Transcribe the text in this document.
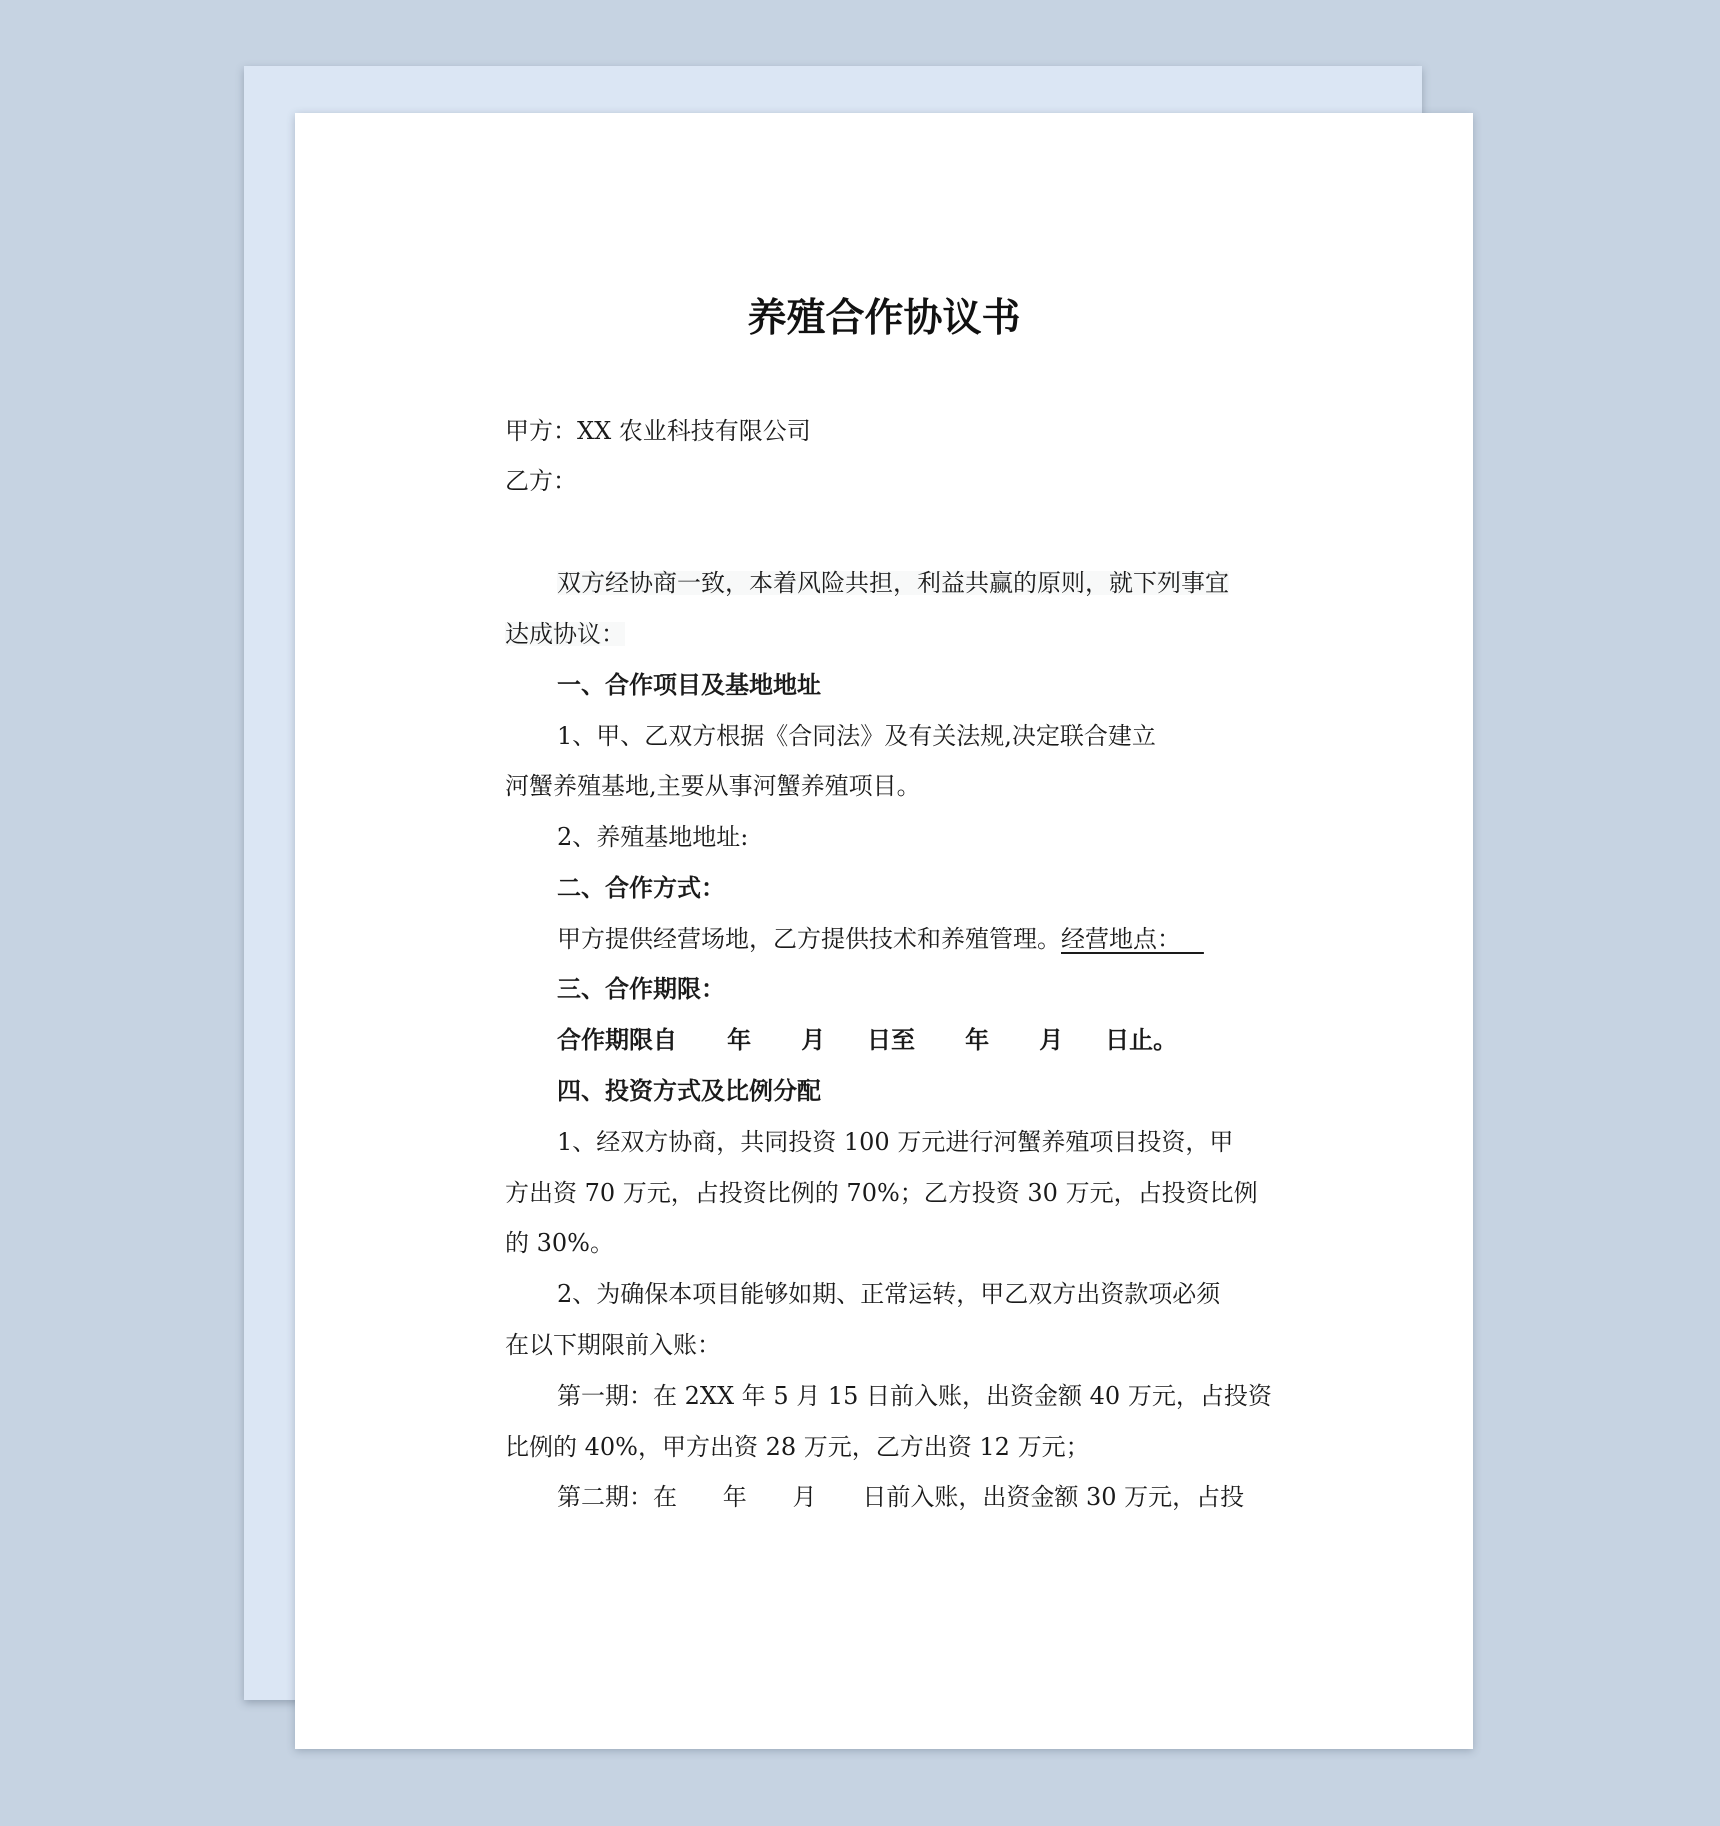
养殖合作协议书
甲方：XX 农业科技有限公司
乙方：
双方经协商一致，本着风险共担，利益共赢的原则，就下列事宜
达成协议：
一、合作项目及基地地址
1、甲、乙双方根据《合同法》及有关法规,决定联合建立
河蟹养殖基地,主要从事河蟹养殖项目。
2、养殖基地地址:
二、合作方式：
甲方提供经营场地，乙方提供技术和养殖管理。经营地点：
三、合作期限：
合作期限自      年      月     日至      年      月     日止。
四、投资方式及比例分配
1、经双方协商，共同投资 100 万元进行河蟹养殖项目投资，甲
方出资 70 万元，占投资比例的 70%；乙方投资 30 万元，占投资比例
的 30%。
2、为确保本项目能够如期、正常运转，甲乙双方出资款项必须
在以下期限前入账：
第一期：在 2XX 年 5 月 15 日前入账，出资金额 40 万元，占投资
比例的 40%，甲方出资 28 万元，乙方出资 12 万元；
第二期：在      年      月      日前入账，出资金额 30 万元，占投
